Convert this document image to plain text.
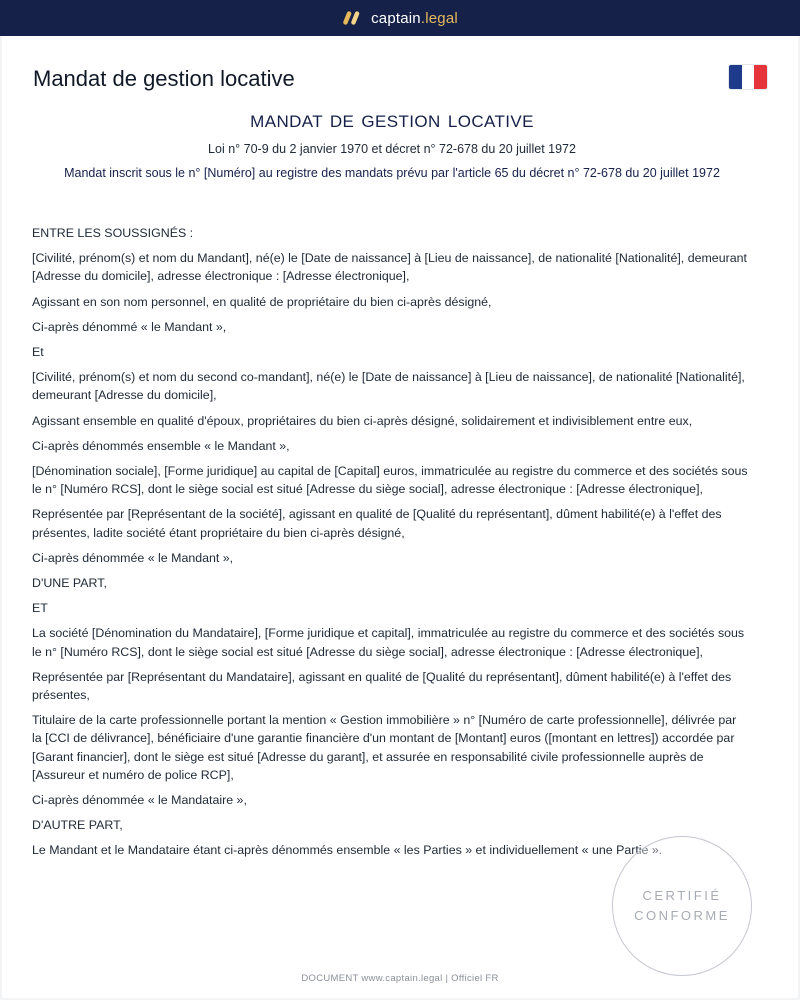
captain.legal
Mandat de gestion locative
MANDAT DE GESTION LOCATIVE

Loi n° 70-9 du 2 janvier 1970 et décret n° 72-678 du 20 juillet 1972

Mandat inscrit sous le n° [Numéro] au registre des mandats prévu par l'article 65 du décret n° 72-678 du 20 juillet 1972

ENTRE LES SOUSSIGNÉS :

[Civilité, prénom(s) et nom du Mandant], né(e) le [Date de naissance] à [Lieu de naissance], de nationalité [Nationalité], demeurant [Adresse du domicile], adresse électronique : [Adresse électronique],

Agissant en son nom personnel, en qualité de propriétaire du bien ci-après désigné,

Ci-après dénommé « le Mandant »,

Et

[Civilité, prénom(s) et nom du second co-mandant], né(e) le [Date de naissance] à [Lieu de naissance], de nationalité [Nationalité], demeurant [Adresse du domicile],

Agissant ensemble en qualité d'époux, propriétaires du bien ci-après désigné, solidairement et indivisiblement entre eux,

Ci-après dénommés ensemble « le Mandant »,

[Dénomination sociale], [Forme juridique] au capital de [Capital] euros, immatriculée au registre du commerce et des sociétés sous le n° [Numéro RCS], dont le siège social est situé [Adresse du siège social], adresse électronique : [Adresse électronique],

Représentée par [Représentant de la société], agissant en qualité de [Qualité du représentant], dûment habilité(e) à l'effet des présentes, ladite société étant propriétaire du bien ci-après désigné,

Ci-après dénommée « le Mandant »,

D'UNE PART,

ET

La société [Dénomination du Mandataire], [Forme juridique et capital], immatriculée au registre du commerce et des sociétés sous le n° [Numéro RCS], dont le siège social est situé [Adresse du siège social], adresse électronique : [Adresse électronique],

Représentée par [Représentant du Mandataire], agissant en qualité de [Qualité du représentant], dûment habilité(e) à l'effet des présentes,

Titulaire de la carte professionnelle portant la mention « Gestion immobilière » n° [Numéro de carte professionnelle], délivrée par la [CCI de délivrance], bénéficiaire d'une garantie financière d'un montant de [Montant] euros ([montant en lettres]) accordée par [Garant financier], dont le siège est situé [Adresse du garant], et assurée en responsabilité civile professionnelle auprès de [Assureur et numéro de police RCP],

Ci-après dénommée « le Mandataire »,

D'AUTRE PART,

Le Mandant et le Mandataire étant ci-après dénommés ensemble « les Parties » et individuellement « une Partie ».

CERTIFIÉ
CONFORME
DOCUMENT www.captain.legal | Officiel FR
